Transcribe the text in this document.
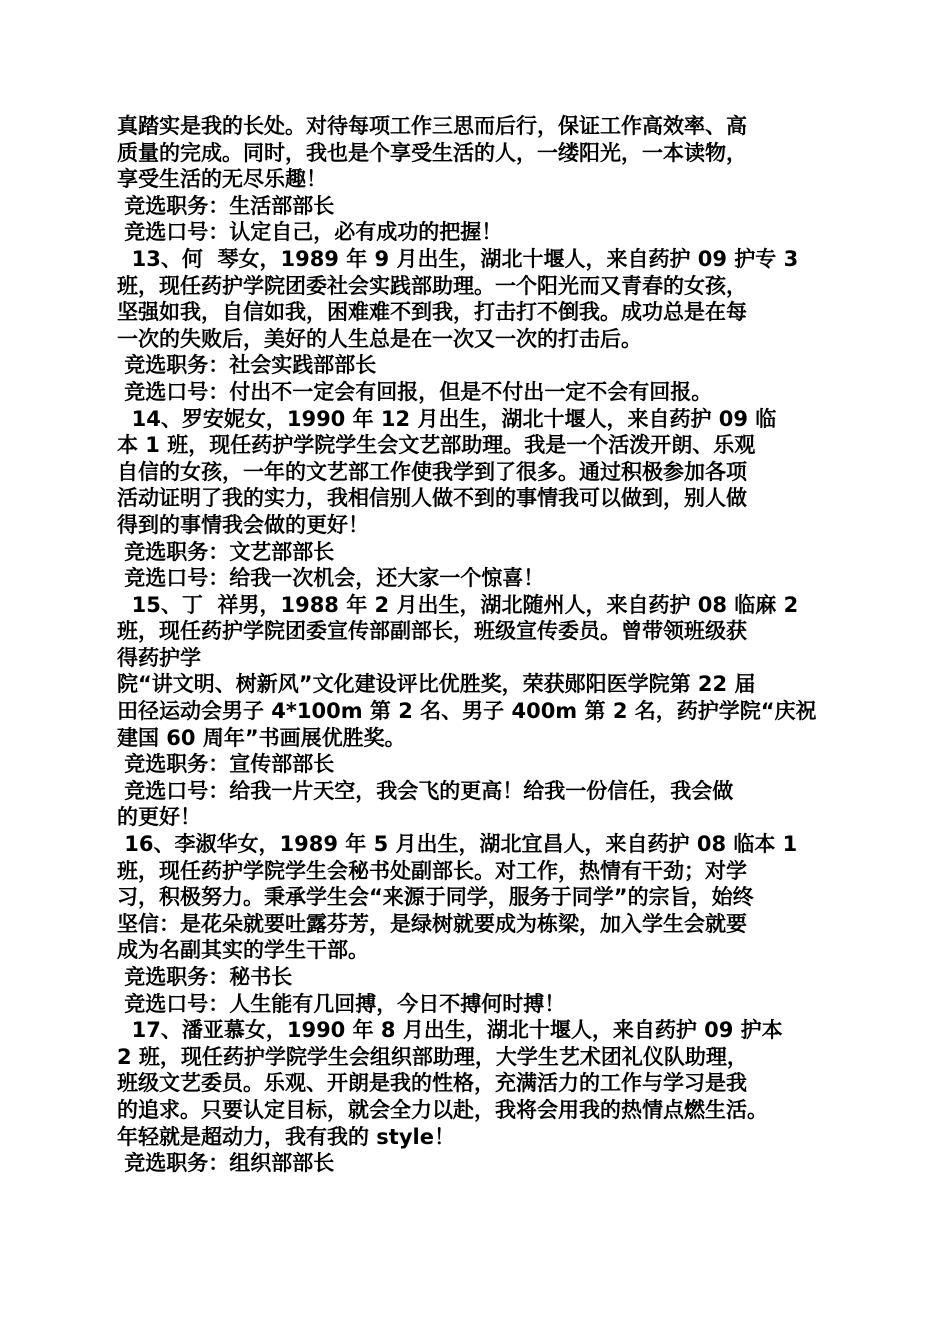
真踏实是我的长处。对待每项工作三思而后行，保证工作高效率、高
质量的完成。同时，我也是个享受生活的人，一缕阳光，一本读物，
享受生活的无尽乐趣！
竞选职务：生活部部长
竞选口号：认定自己，必有成功的把握！
13、何  琴女，1989 年 9 月出生，湖北十堰人，来自药护 09 护专 3
班，现任药护学院团委社会实践部助理。一个阳光而又青春的女孩，
坚强如我，自信如我，困难难不到我，打击打不倒我。成功总是在每
一次的失败后，美好的人生总是在一次又一次的打击后。
竞选职务：社会实践部部长
竞选口号：付出不一定会有回报，但是不付出一定不会有回报。
14、罗安妮女，1990 年 12 月出生，湖北十堰人，来自药护 09 临
本 1 班，现任药护学院学生会文艺部助理。我是一个活泼开朗、乐观
自信的女孩，一年的文艺部工作使我学到了很多。通过积极参加各项
活动证明了我的实力，我相信别人做不到的事情我可以做到，别人做
得到的事情我会做的更好！
竞选职务：文艺部部长
竞选口号：给我一次机会，还大家一个惊喜！
15、丁  祥男，1988 年 2 月出生，湖北随州人，来自药护 08 临麻 2
班，现任药护学院团委宣传部副部长，班级宣传委员。曾带领班级获
得药护学
院“讲文明、树新风”文化建设评比优胜奖，荣获郧阳医学院第 22 届
田径运动会男子 4*100m 第 2 名、男子 400m 第 2 名，药护学院“庆祝
建国 60 周年”书画展优胜奖。
竞选职务：宣传部部长
竞选口号：给我一片天空，我会飞的更高！给我一份信任，我会做
的更好！
16、李淑华女，1989 年 5 月出生，湖北宜昌人，来自药护 08 临本 1
班，现任药护学院学生会秘书处副部长。对工作，热情有干劲；对学
习，积极努力。秉承学生会“来源于同学，服务于同学”的宗旨，始终
坚信：是花朵就要吐露芬芳，是绿树就要成为栋梁，加入学生会就要
成为名副其实的学生干部。
竞选职务：秘书长
竞选口号：人生能有几回搏，今日不搏何时搏！
17、潘亚慕女，1990 年 8 月出生，湖北十堰人，来自药护 09 护本
2 班，现任药护学院学生会组织部助理，大学生艺术团礼仪队助理，
班级文艺委员。乐观、开朗是我的性格，充满活力的工作与学习是我
的追求。只要认定目标，就会全力以赴，我将会用我的热情点燃生活。
年轻就是超动力，我有我的 style！
竞选职务：组织部部长
